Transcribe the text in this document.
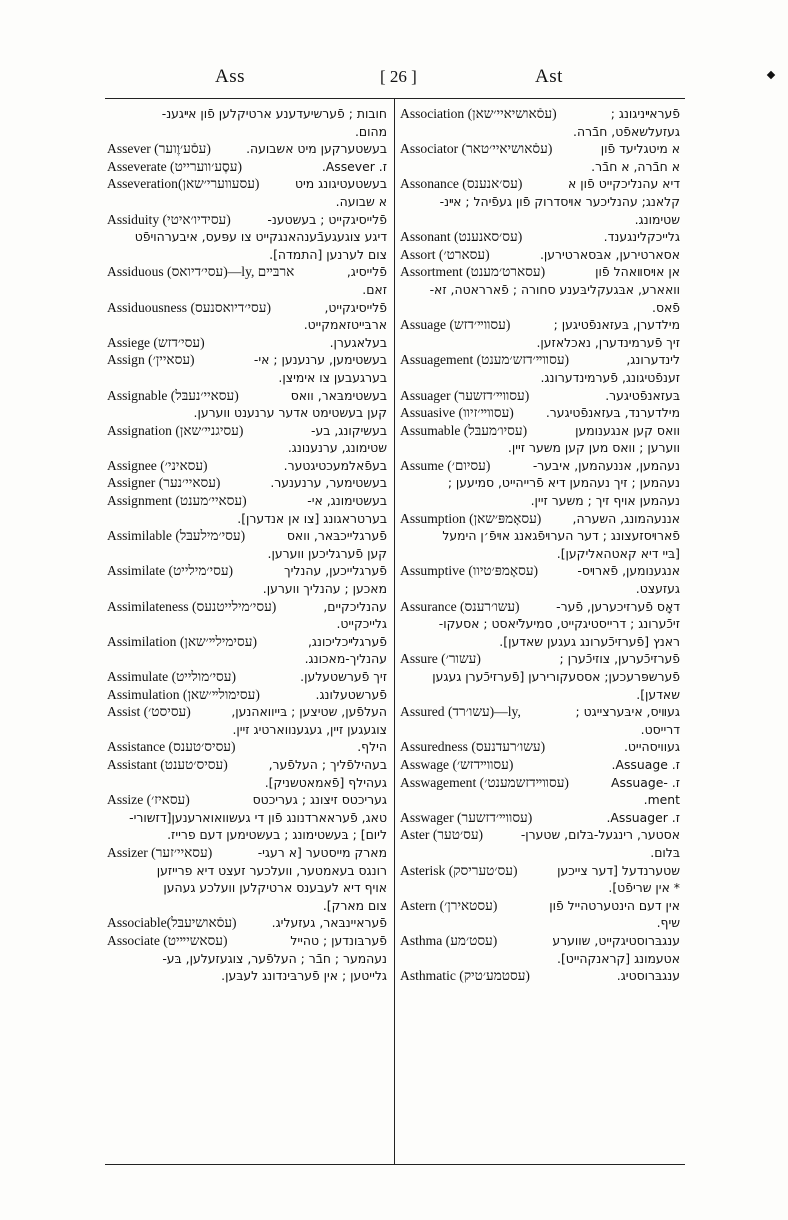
Ass	[ 26 ]	Ast
חובות ; פֿערשיעדענע ארטיקלען פֿון אײגענ-
מהום.
Assever (עסֿע׳וֶוער)	בעשטערקען מיט אשבועה.
Asseverate (עסֶע׳ווערייט)	ז. Assever.
Asseveration(עסעווערי׳שאן)	בעשטעטיגונג מיט
א שבועה.
Assiduity (עסידיו׳איטי)	פֿלייסיגקייט ; בעשטענ-
דיגע צוגעגעבֿענהאנגקייט צו עפּעס, איבערהויפֿט
צום לערנען [התמדה].
Assiduous (עסי׳דיואס)—ly, ארבּײם	פֿלייסיג,
זאם.
Assiduousness (עסי׳דיואסנעס)	פֿלייסיגקייט,
ארבּייטזאמקייט.
Assiege (עסי׳דזש)	בעלאגערן.
Assign (עסאיין׳)	בעשטימען, ערנענען ; אי-
בערגעבען צו אימיצן.
Assignable (עסאיי׳נעבּל)	בעשטימבּאר, וואס
קען בעשטימט אדער ערנענט ווערען.
Assignation (עסיגנײ׳שאן)	בעשיקונג, בע-
שטימונג, ערנענונג.
Assignee (עסאיני׳)	בעפֿאלמעכטיגטער.
Assigner (עסאיי׳נער)	בעשטימער, ערנענער.
Assignment (עסאיי׳מענט)	בעשטימונג, אי-
בערטראגונג [צו אן אנדערן].
Assimilable (עסי׳מילעבּל)	פֿערגלייכבּאר, וואס
קען פֿערגליכען ווערען.
Assimilate (עסי׳מילייט)	פֿערגלייכען, עהנליך
מאכען ; עהנליך ווערען.
Assimilateness (עסי׳מילייטנעס)	עהנליכקיים,
גלייכקייט.
Assimilation (עסימילײ׳שאן)	פֿערגלײכליכונג,
עהנליך-מאכונג.
Assimulate (עסי׳מולייט)	זיך פֿערשטעלען.
Assimulation (עסימולײ׳שאן)	פֿערשטעלונג.
Assist (עסיסט׳)	העלפֿען, שטיצען ; בּייוואהנען,
צוגעגען זיין, געגענווארטיג זיין.
Assistance (עסיס׳טענס)	הילף.
Assistant (עסיס׳טענט)	בעהילפֿליך ; העלפֿער,
געהילף [פֿאמאטשניק].
Assize (עסאיז׳)	געריכטס זיצונג ; געריכטס
טאג, פֿעראארדנונג פֿון די געשוואוארענען[דזשורי-
ליום] ; בּעשטימונג ; בעשטימען דעם פרייז.
Assizer (עסאיי׳זער)	מארק מייסטער [א רעגי-
רונגס בעאמטער, וועלכער זעצט דיא פרייזען
אויף דיא לעבענס ארטיקלען וועלכע געהען
צום מארק].
Associable(עסֿאושיעבּל)	פֿעראיינבּאר, געזעליג.
Associate (עסאשיײיט)	פֿערבּונדען ; טהייל
נעהמער ; חבֿר ; העלפֿער, צוגעזעלען, בּע-
גלייטען ; אין פֿערבּינדונג לעבּען.
Association (עסֿאושיאיי׳שאן)	פֿעראײניגונג ;
געזעלשאפֿט, חבֿרה.
Associator (עסֿאושיאיי׳טאר)	א מיטגליעד פֿון
א חבֿרה, א חבֿר.
Assonance (עס׳אנענס)	דיא עהנליכקייט פֿון א
קלאנג; עהנליכער אױסדרוק פֿון געפֿיהל ; אײנ-
שטימונג.
Assonant (עס׳סאנענט)	גלייכקלינגענד.
Assort (עסארט׳)	אסארטירען, אבּסארטירען.
Assortment (עסארט׳מענט)	אן אױסװאהל פֿון
וואארע, אבּגעקליבּענע סחורה ; פֿארראטה, זא-
פֿאס.
Assuage (עסװײ׳דזש)	מילדערן, בּעזאנפֿטיגען ;
זיך פֿערמינדערן, נאכלאזען.
Assuagement (עסװײ׳דזש׳מענט)	לינדערונג,
זענפֿטיגונג, פֿערמינדערונג.
Assuager (עסװײ׳דזשער)	בּעזאנפֿטיגער.
Assuasive (עסװײ׳זיוו)	מילדערנד, בּעזאנפֿטיגער.
Assumable (עסיו׳מעבּל)	וואס קען אנגענומען
ווערען ; וואס מען קען משער זיין.
Assume (עסיום׳)	נעהמען, אננעהמען, איבער-
נעהמען ; זיך נעהמען דיא פֿרייהייט, סמיעען ;
נעהמען אויף זיך ; משער זיין.
Assumption (עסאָמפּ׳שאן)	אננעהמונג, השערה,
פֿארױסזעצונג ; דער הערױפֿגאנג אױפֿ׳ן הימעל
[בּיי דיא קאטהאליקען].
Assumptive (עסאָמפּ׳טיוו)	אנגענומען, פֿארױס-
געזעצט.
Assurance (עשו׳רענס)	דאָס פֿערזיכערען, פֿער-
זיכֿערונג ; דרייסטיגקייט, סמיעליֿאסט ; אסעקו-
ראנץ [פֿערזיכֿערונג געגען שאדען].
Assure (עשור׳)	פֿערזיכֿערען, צוזיכֿערן ;
פֿערשפּרעכען; אססעקורירען [פֿערזיכֿערן געגען
שאדען].
Assured (עשו׳רד)—ly,	געװיס, איבּערצייגט ;
דרייסט.
Assuredness (עשו׳רעדנעס)	געוויסהייט.
Asswage (עסװײדזש׳)	ז. Assuage.
Asswagement (עסװײדזשמענט׳)	ז. -Assuage
ment.
Asswager (עסװײ׳דזשער)	ז. Assuager.
Aster (עס׳טער)	אסטער, רינגעל-בּלום, שטערן-
בּלום.
Asterisk (עס׳טעריסק)	שטערנדעל [דער צייכען
* אין שריפֿט].
Astern (עסטאירן׳)	אין דעם הינטערטהייל פֿון
שיף.
Asthma (עסט׳מע)	ענגבּרוסטיגקייט, שווערע
אטעמונג [קראנקהייט].
Asthmatic (עסטמע׳טיק)	ענגבּרוסטיג.
